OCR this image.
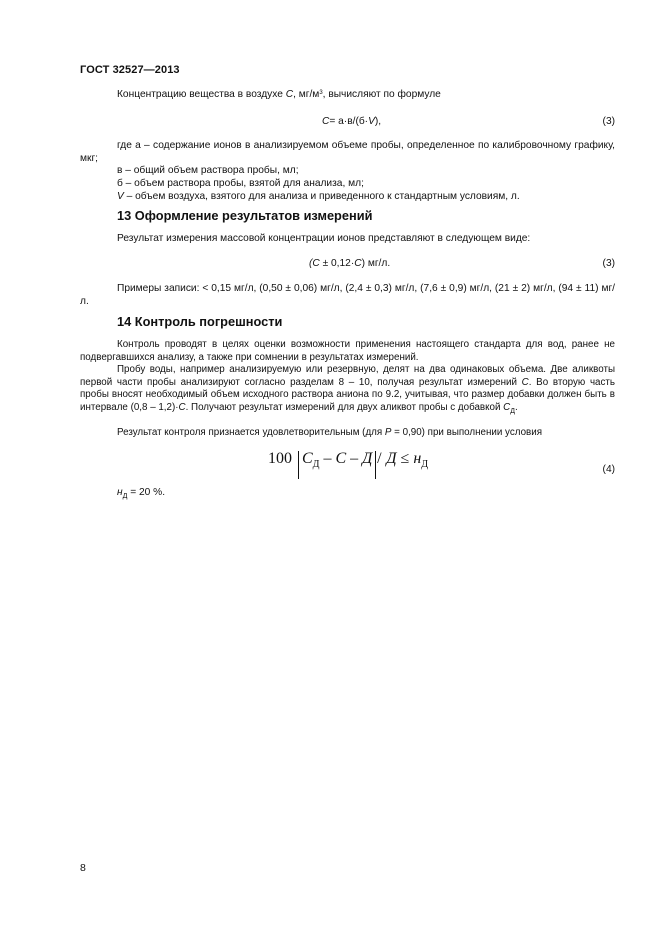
ГОСТ 32527—2013
Концентрацию вещества в воздухе С, $мг/м^3$, вычисляют по формуле
С= а·в/(б·V),	(3)

где а – содержание ионов в анализируемом объеме пробы, определенное по калибровочному графику, мкг;

в – общий объем раствора пробы, мл;
б – объем раствора пробы, взятой для анализа, мл;
V – объем воздуха, взятого для анализа и приведенного к стандартным условиям, л.
13 Оформление результатов измерений
Результат измерения массовой концентрации ионов представляют в следующем виде:
(С ± 0,12·С) мг/л.	(3)

Примеры записи: < 0,15 мг/л, (0,50 ± 0,06) мг/л, (2,4 ± 0,3) мг/л, (7,6 ± 0,9) мг/л, (21 ± 2) мг/л, (94 ± 11) мг/л.

14 Контроль погрешности

Контроль проводят в целях оценки возможности применения настоящего стандарта для вод, ранее не подвергавшихся анализу, а также при сомнении в результатах измерений.

Пробу воды, например анализируемую или резервную, делят на два одинаковых объема. Две аликвоты первой части пробы анализируют согласно разделам 8 – 10, получая результат измерений С. Во вторую часть пробы вносят необходимый объем исходного раствора аниона по 9.2, учитывая, что размер добавки должен быть в интервале (0,8 – 1,2)·С. Получают результат измерений для двух аликвот пробы с добавкой $С_Д$.

Результат контроля признается удовлетворительным (для Р = 0,90) при выполнении условия
100 $С_Д - С - Д / Д \le н_Д$	(4)
$н_Д = 20$ %.
8
